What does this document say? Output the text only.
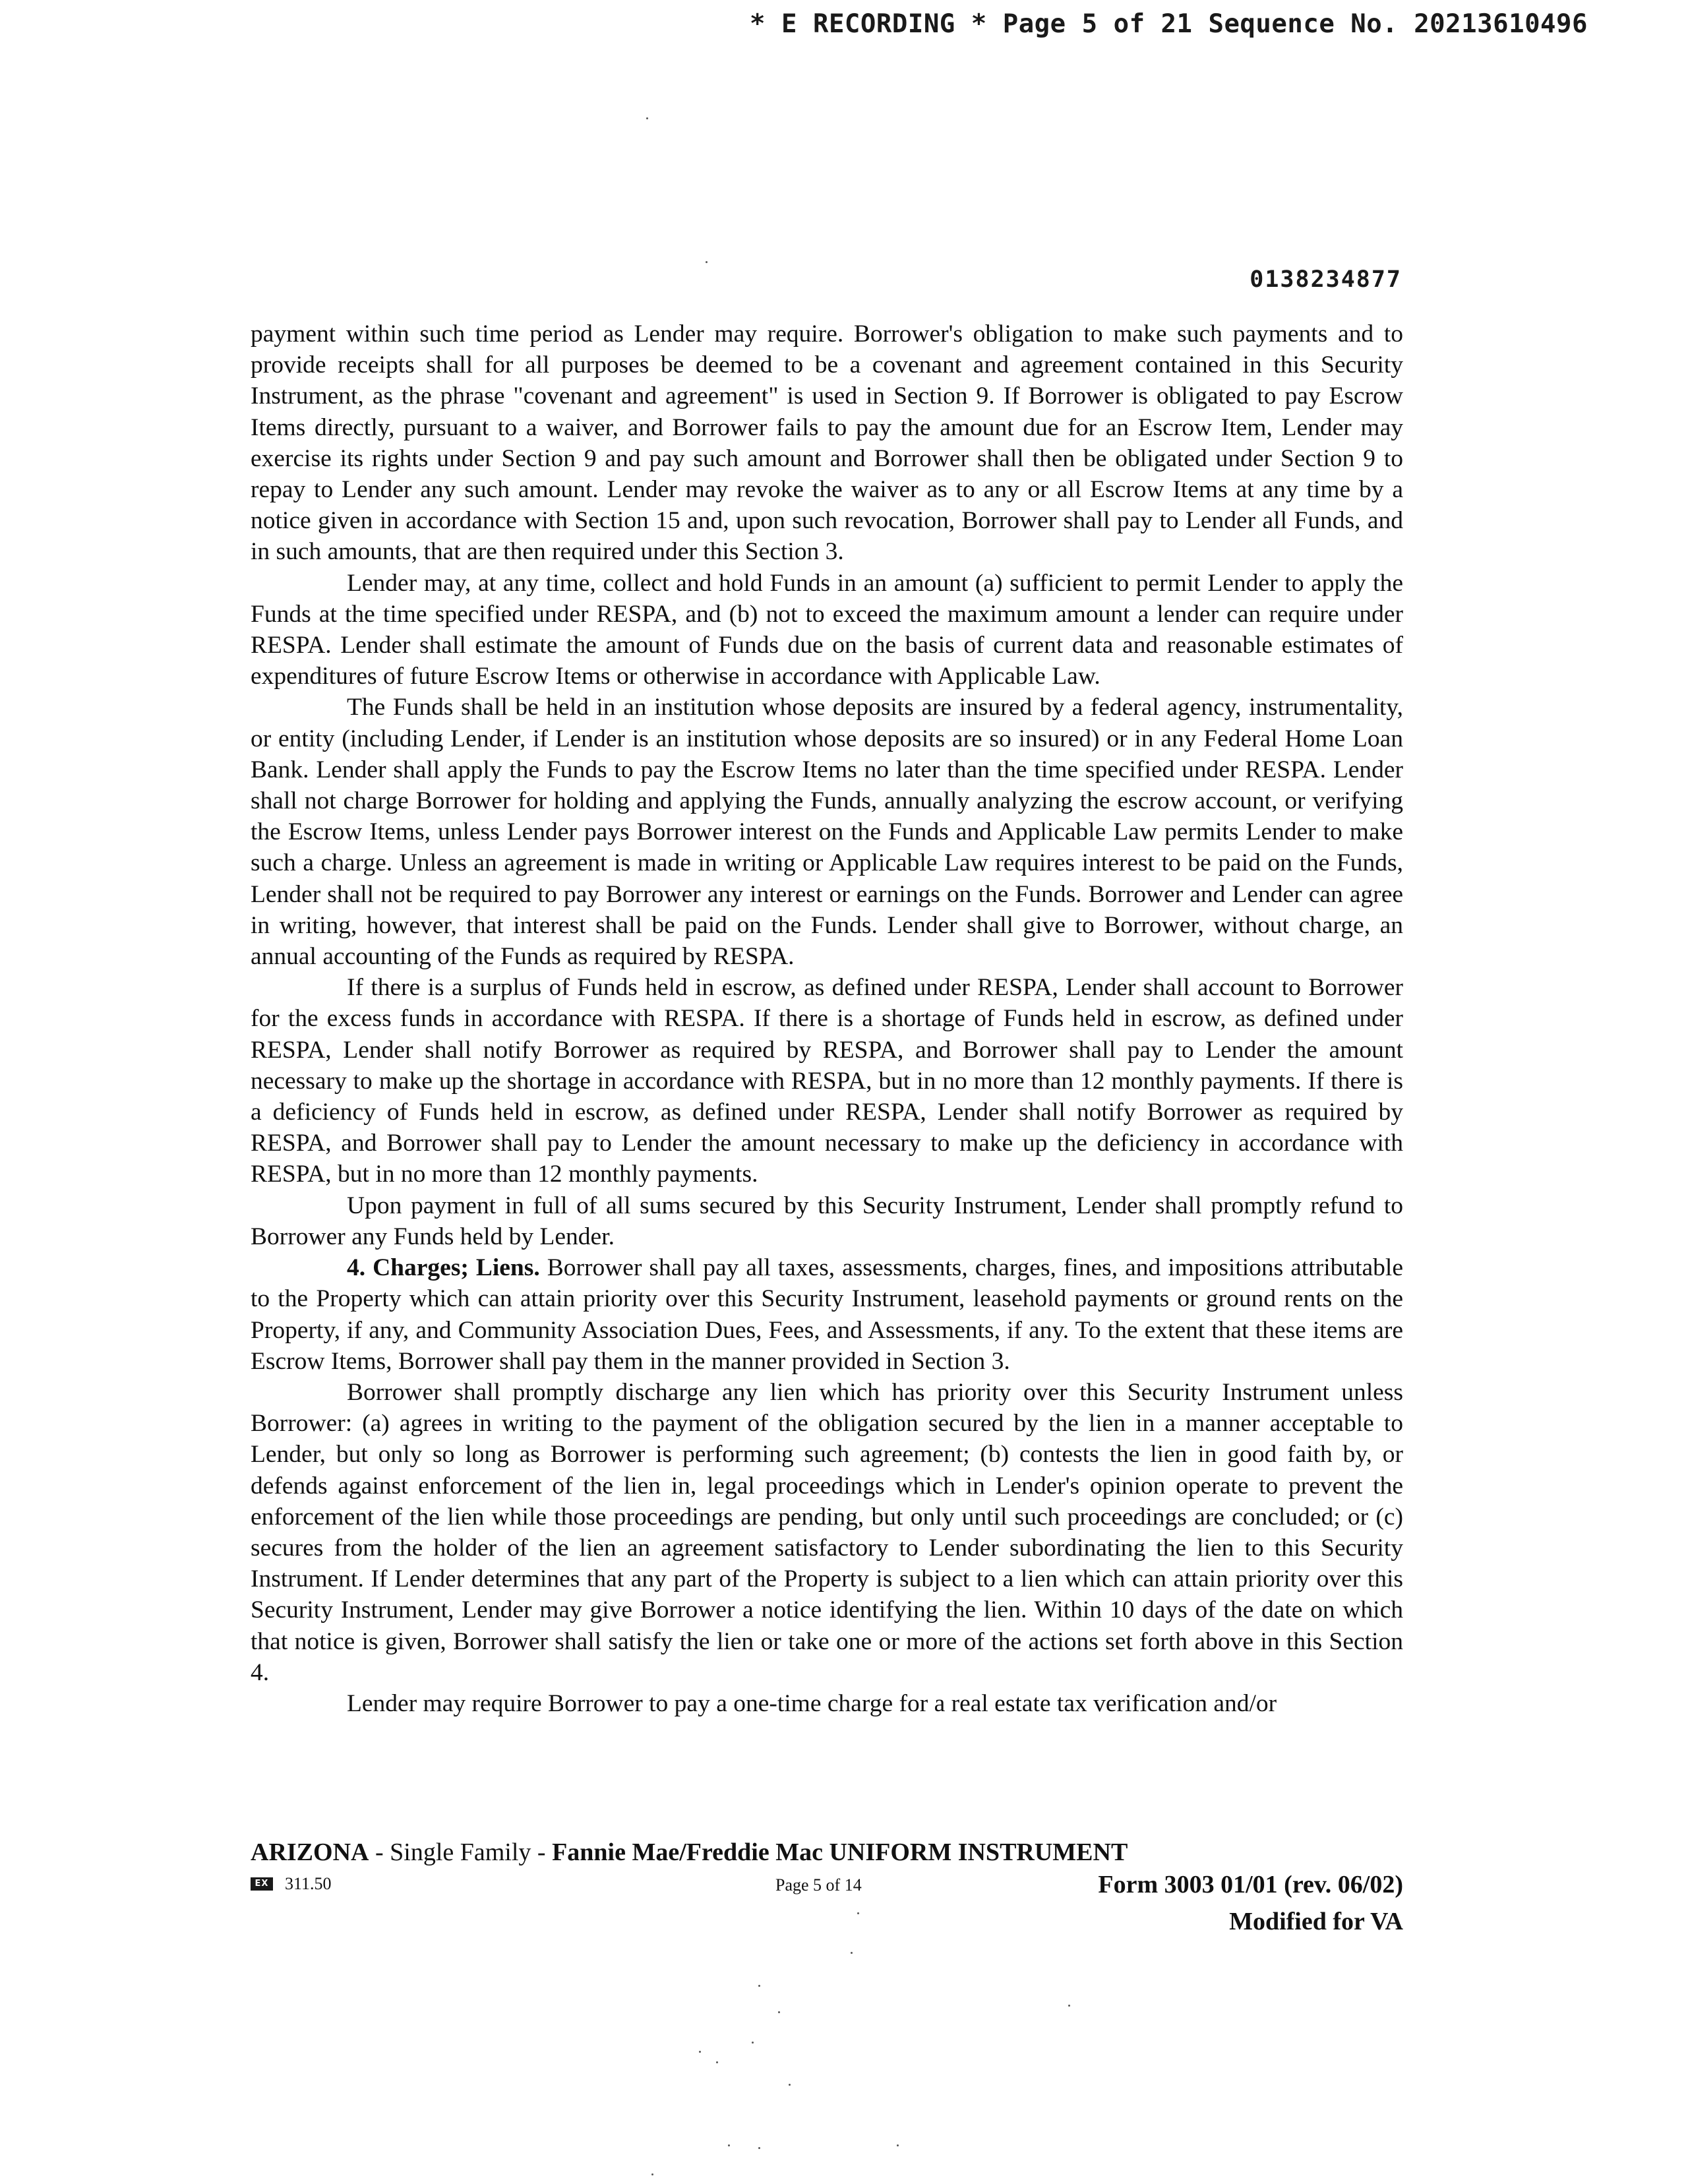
* E RECORDING * Page 5 of 21 Sequence No. 20213610496
0138234877

payment within such time period as Lender may require. Borrower's obligation to make such payments and to provide receipts shall for all purposes be deemed to be a covenant and agreement contained in this Security Instrument, as the phrase "covenant and agreement" is used in Section 9. If Borrower is obligated to pay Escrow Items directly, pursuant to a waiver, and Borrower fails to pay the amount due for an Escrow Item, Lender may exercise its rights under Section 9 and pay such amount and Borrower shall then be obligated under Section 9 to repay to Lender any such amount. Lender may revoke the waiver as to any or all Escrow Items at any time by a notice given in accordance with Section 15 and, upon such revocation, Borrower shall pay to Lender all Funds, and in such amounts, that are then required under this Section 3.

Lender may, at any time, collect and hold Funds in an amount (a) sufficient to permit Lender to apply the Funds at the time specified under RESPA, and (b) not to exceed the maximum amount a lender can require under RESPA. Lender shall estimate the amount of Funds due on the basis of current data and reasonable estimates of expenditures of future Escrow Items or otherwise in accordance with Applicable Law.

The Funds shall be held in an institution whose deposits are insured by a federal agency, instrumentality, or entity (including Lender, if Lender is an institution whose deposits are so insured) or in any Federal Home Loan Bank. Lender shall apply the Funds to pay the Escrow Items no later than the time specified under RESPA. Lender shall not charge Borrower for holding and applying the Funds, annually analyzing the escrow account, or verifying the Escrow Items, unless Lender pays Borrower interest on the Funds and Applicable Law permits Lender to make such a charge. Unless an agreement is made in writing or Applicable Law requires interest to be paid on the Funds, Lender shall not be required to pay Borrower any interest or earnings on the Funds. Borrower and Lender can agree in writing, however, that interest shall be paid on the Funds. Lender shall give to Borrower, without charge, an annual accounting of the Funds as required by RESPA.

If there is a surplus of Funds held in escrow, as defined under RESPA, Lender shall account to Borrower for the excess funds in accordance with RESPA. If there is a shortage of Funds held in escrow, as defined under RESPA, Lender shall notify Borrower as required by RESPA, and Borrower shall pay to Lender the amount necessary to make up the shortage in accordance with RESPA, but in no more than 12 monthly payments. If there is a deficiency of Funds held in escrow, as defined under RESPA, Lender shall notify Borrower as required by RESPA, and Borrower shall pay to Lender the amount necessary to make up the deficiency in accordance with RESPA, but in no more than 12 monthly payments.

Upon payment in full of all sums secured by this Security Instrument, Lender shall promptly refund to Borrower any Funds held by Lender.

4. Charges; Liens. Borrower shall pay all taxes, assessments, charges, fines, and impositions attributable to the Property which can attain priority over this Security Instrument, leasehold payments or ground rents on the Property, if any, and Community Association Dues, Fees, and Assessments, if any. To the extent that these items are Escrow Items, Borrower shall pay them in the manner provided in Section 3.

Borrower shall promptly discharge any lien which has priority over this Security Instrument unless Borrower: (a) agrees in writing to the payment of the obligation secured by the lien in a manner acceptable to Lender, but only so long as Borrower is performing such agreement; (b) contests the lien in good faith by, or defends against enforcement of the lien in, legal proceedings which in Lender's opinion operate to prevent the enforcement of the lien while those proceedings are pending, but only until such proceedings are concluded; or (c) secures from the holder of the lien an agreement satisfactory to Lender subordinating the lien to this Security Instrument. If Lender determines that any part of the Property is subject to a lien which can attain priority over this Security Instrument, Lender may give Borrower a notice identifying the lien. Within 10 days of the date on which that notice is given, Borrower shall satisfy the lien or take one or more of the actions set forth above in this Section 4.

Lender may require Borrower to pay a one-time charge for a real estate tax verification and/or

ARIZONA - Single Family - Fannie Mae/Freddie Mac UNIFORM INSTRUMENT
EX 311.50	Page 5 of 14	Form 3003 01/01 (rev. 06/02)
Modified for VA
